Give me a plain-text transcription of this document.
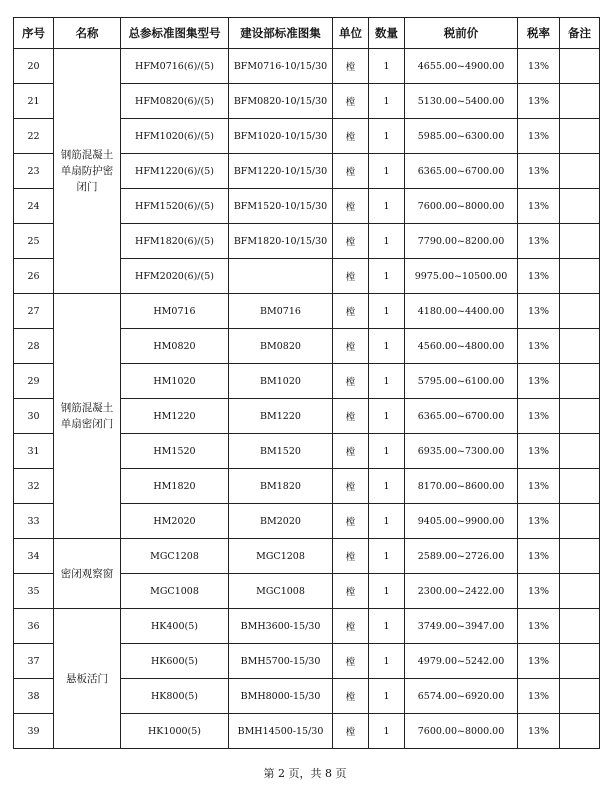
序号	名称	总参标准图集型号	建设部标准图集	单位	数量	税前价	税率	备注
20	钢筋混凝土单扇防护密闭门	HFM0716(6)/(5)	BFM0716-10/15/30	樘	1	4655.00~4900.00	13%	
21		HFM0820(6)/(5)	BFM0820-10/15/30	樘	1	5130.00~5400.00	13%	
22		HFM1020(6)/(5)	BFM1020-10/15/30	樘	1	5985.00~6300.00	13%	
23		HFM1220(6)/(5)	BFM1220-10/15/30	樘	1	6365.00~6700.00	13%	
24		HFM1520(6)/(5)	BFM1520-10/15/30	樘	1	7600.00~8000.00	13%	
25		HFM1820(6)/(5)	BFM1820-10/15/30	樘	1	7790.00~8200.00	13%	
26		HFM2020(6)/(5)		樘	1	9975.00~10500.00	13%	
27	钢筋混凝土单扇密闭门	HM0716	BM0716	樘	1	4180.00~4400.00	13%	
28		HM0820	BM0820	樘	1	4560.00~4800.00	13%	
29		HM1020	BM1020	樘	1	5795.00~6100.00	13%	
30		HM1220	BM1220	樘	1	6365.00~6700.00	13%	
31		HM1520	BM1520	樘	1	6935.00~7300.00	13%	
32		HM1820	BM1820	樘	1	8170.00~8600.00	13%	
33		HM2020	BM2020	樘	1	9405.00~9900.00	13%	
34	密闭观察窗	MGC1208	MGC1208	樘	1	2589.00~2726.00	13%	
35		MGC1008	MGC1008	樘	1	2300.00~2422.00	13%	
36	悬板活门	HK400(5)	BMH3600-15/30	樘	1	3749.00~3947.00	13%	
37		HK600(5)	BMH5700-15/30	樘	1	4979.00~5242.00	13%	
38		HK800(5)	BMH8000-15/30	樘	1	6574.00~6920.00	13%	
39		HK1000(5)	BMH14500-15/30	樘	1	7600.00~8000.00	13%	
第 2 页，共 8 页
